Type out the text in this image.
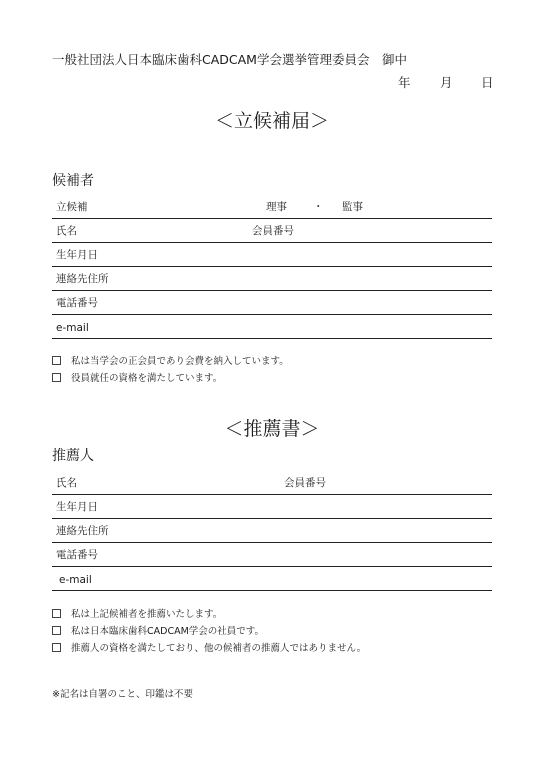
一般社団法人日本臨床歯科CADCAM学会選挙管理委員会　御中
年 月 日
＜立候補届＞
候補者
立候補	理事 ・ 監事
氏名	会員番号
生年月日
連絡先住所
電話番号
e-mail
私は当学会の正会員であり会費を納入しています。
役員就任の資格を満たしています。
＜推薦書＞
推薦人
氏名	会員番号
生年月日
連絡先住所
電話番号
e-mail
私は上記候補者を推薦いたします。
私は日本臨床歯科CADCAM学会の社員です。
推薦人の資格を満たしており、他の候補者の推薦人ではありません。
※記名は自署のこと、印鑑は不要
